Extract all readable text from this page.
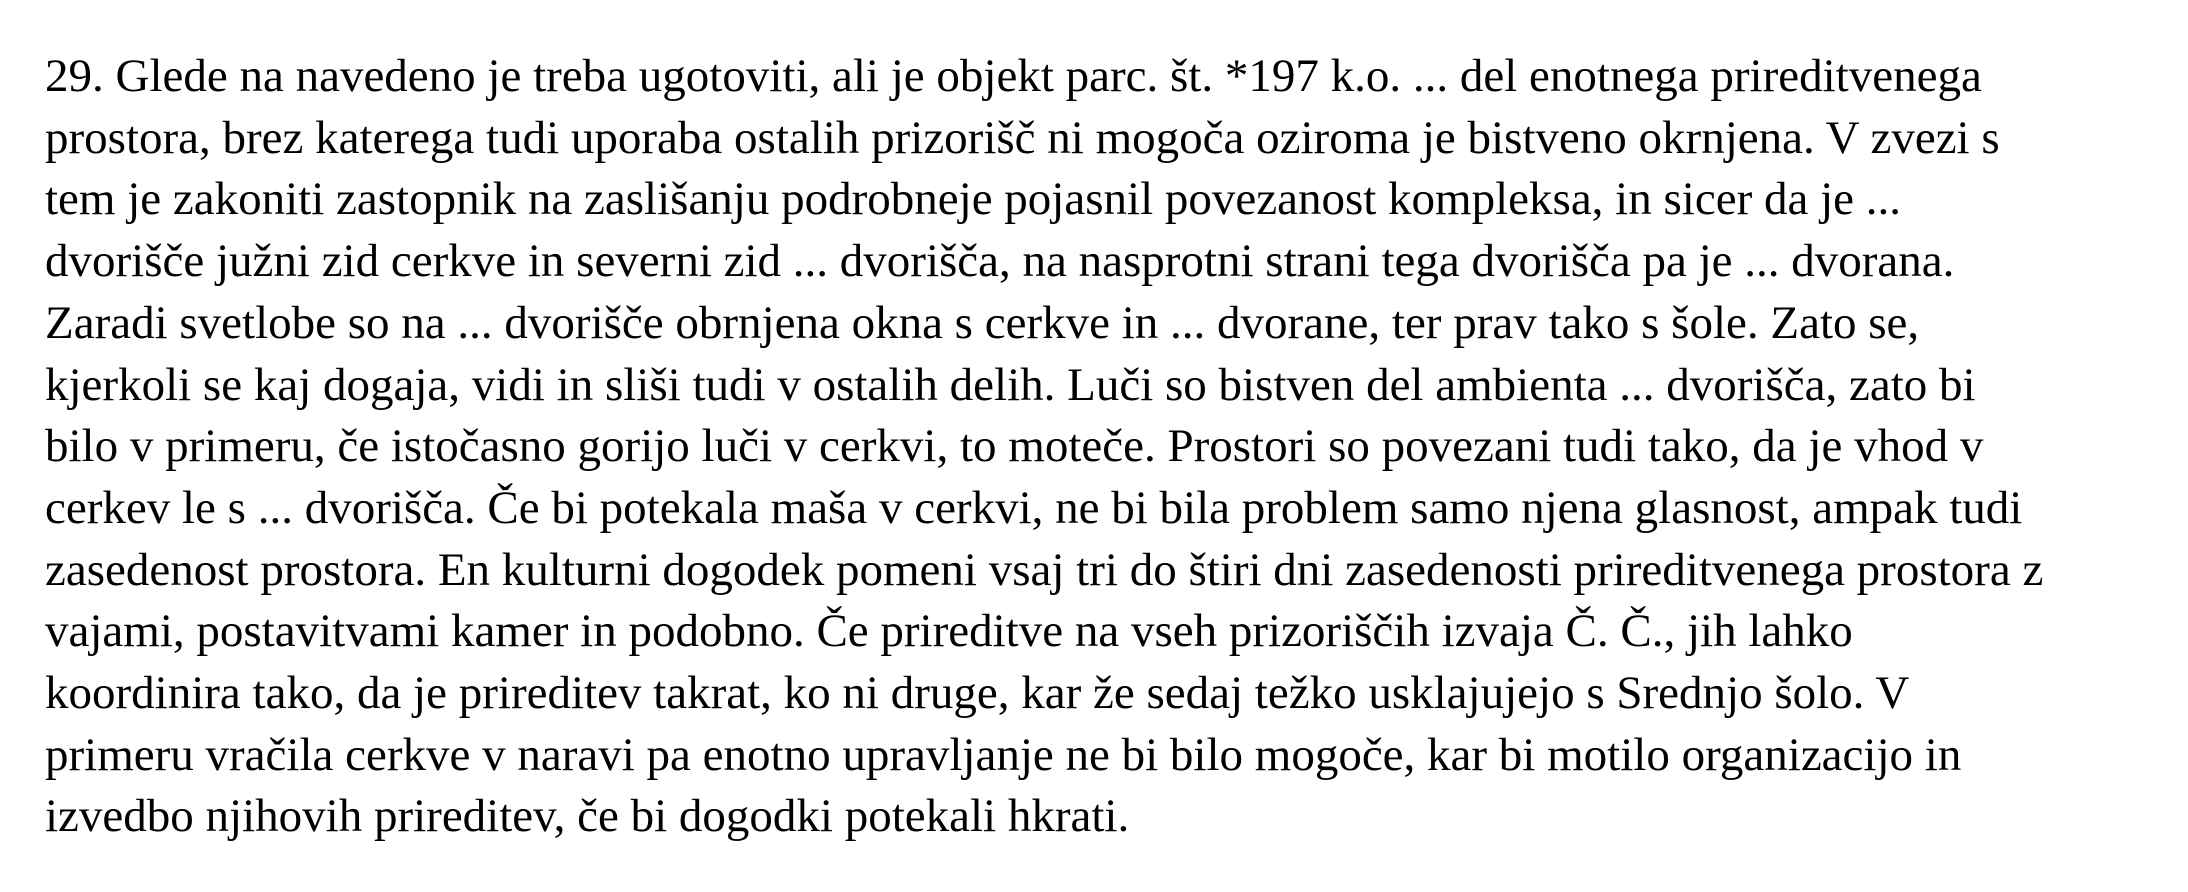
29. Glede na navedeno je treba ugotoviti, ali je objekt parc. št. *197 k.o. ... del enotnega prireditvenega
prostora, brez katerega tudi uporaba ostalih prizorišč ni mogoča oziroma je bistveno okrnjena. V zvezi s
tem je zakoniti zastopnik na zaslišanju podrobneje pojasnil povezanost kompleksa, in sicer da je ...
dvorišče južni zid cerkve in severni zid ... dvorišča, na nasprotni strani tega dvorišča pa je ... dvorana.
Zaradi svetlobe so na ... dvorišče obrnjena okna s cerkve in ... dvorane, ter prav tako s šole. Zato se,
kjerkoli se kaj dogaja, vidi in sliši tudi v ostalih delih. Luči so bistven del ambienta ... dvorišča, zato bi
bilo v primeru, če istočasno gorijo luči v cerkvi, to moteče. Prostori so povezani tudi tako, da je vhod v
cerkev le s ... dvorišča. Če bi potekala maša v cerkvi, ne bi bila problem samo njena glasnost, ampak tudi
zasedenost prostora. En kulturni dogodek pomeni vsaj tri do štiri dni zasedenosti prireditvenega prostora z
vajami, postavitvami kamer in podobno. Če prireditve na vseh prizoriščih izvaja Č. Č., jih lahko
koordinira tako, da je prireditev takrat, ko ni druge, kar že sedaj težko usklajujejo s Srednjo šolo. V
primeru vračila cerkve v naravi pa enotno upravljanje ne bi bilo mogoče, kar bi motilo organizacijo in
izvedbo njihovih prireditev, če bi dogodki potekali hkrati.
